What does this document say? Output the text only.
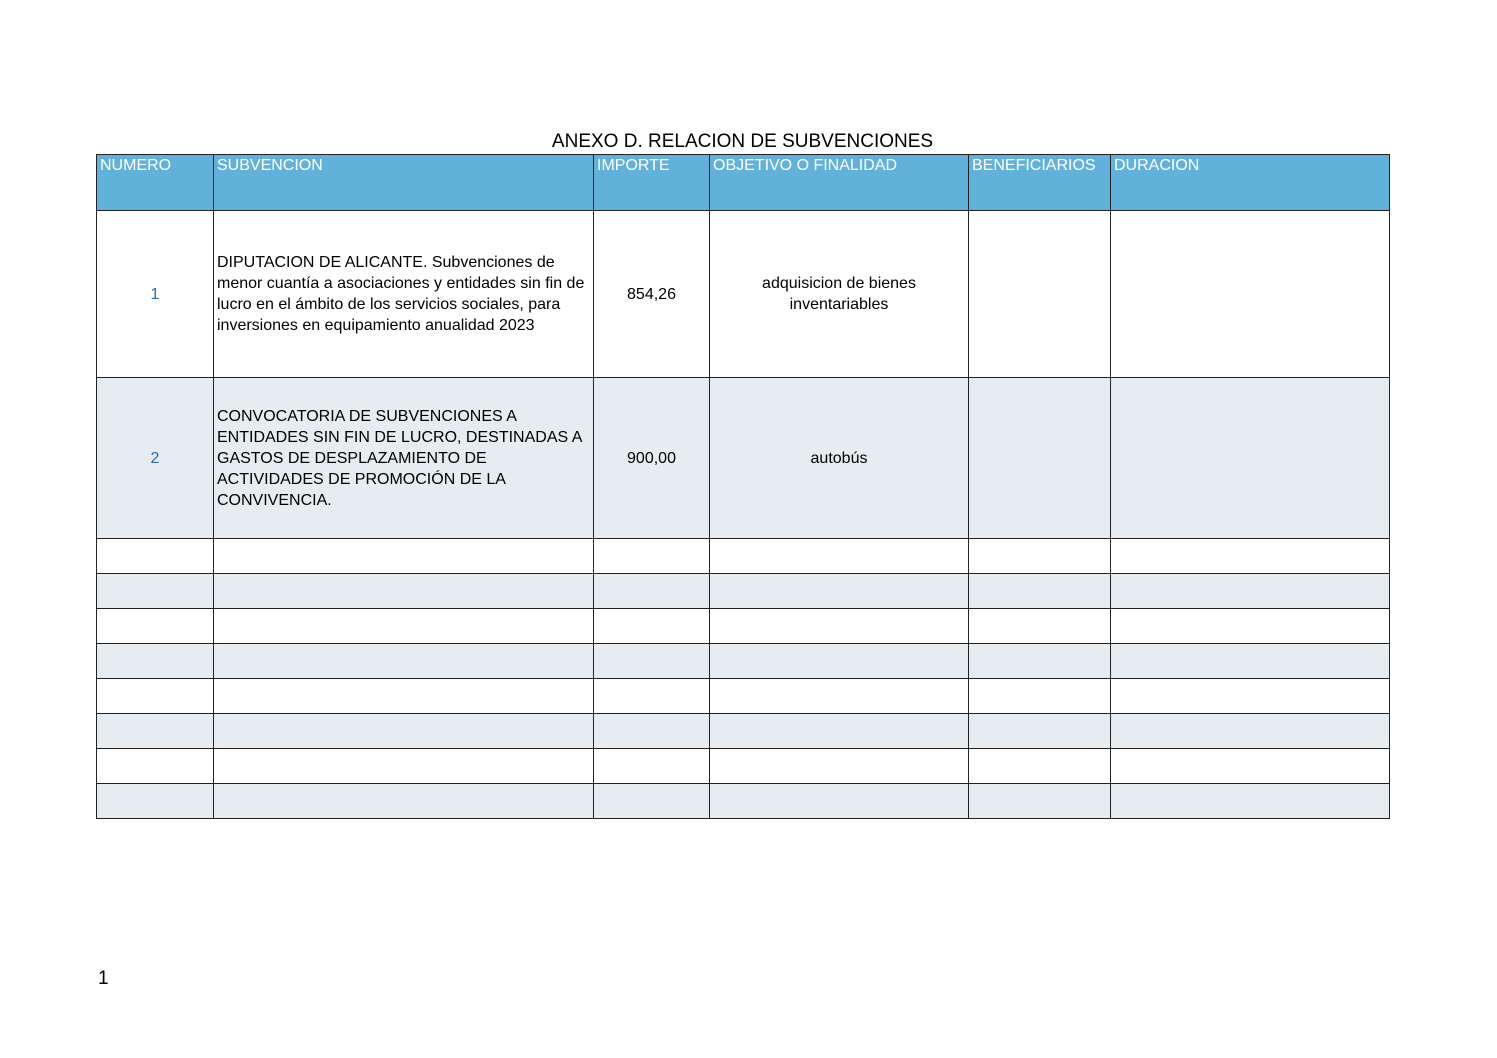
ANEXO D. RELACION DE SUBVENCIONES
NUMERO	SUBVENCION	IMPORTE	OBJETIVO O FINALIDAD	BENEFICIARIOS	DURACION
1	DIPUTACION DE ALICANTE. Subvenciones de menor cuantía a asociaciones y entidades sin fin de lucro en el ámbito de los servicios sociales, para inversiones en equipamiento anualidad 2023	854,26	adquisicion de bienes inventariables		
2	CONVOCATORIA DE SUBVENCIONES A ENTIDADES SIN FIN DE LUCRO, DESTINADAS A GASTOS DE DESPLAZAMIENTO DE ACTIVIDADES DE PROMOCIÓN DE LA CONVIVENCIA.	900,00	autobús		

1
